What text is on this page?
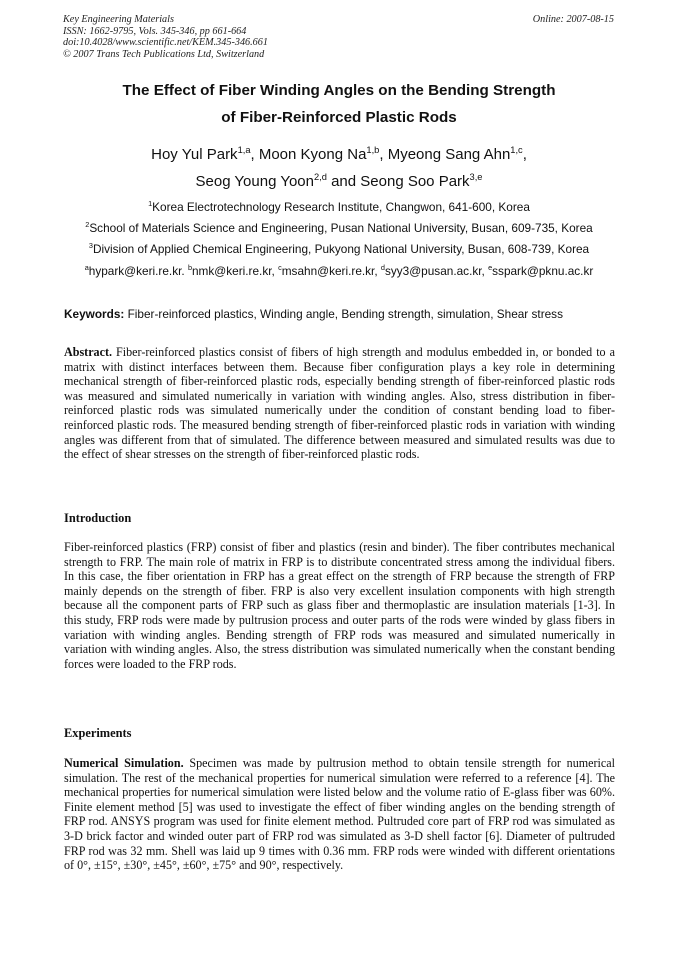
Key Engineering Materials
ISSN: 1662-9795, Vols. 345-346, pp 661-664
doi:10.4028/www.scientific.net/KEM.345-346.661
© 2007 Trans Tech Publications Ltd, Switzerland
Online: 2007-08-15
The Effect of Fiber Winding Angles on the Bending Strength
of Fiber-Reinforced Plastic Rods
Hoy Yul Park$^{1,a}$, Moon Kyong Na$^{1,b}$, Myeong Sang Ahn$^{1,c}$,
Seog Young Yoon$^{2,d}$ and Seong Soo Park$^{3,e}$
$^1$Korea Electrotechnology Research Institute, Changwon, 641-600, Korea
$^2$School of Materials Science and Engineering, Pusan National University, Busan, 609-735, Korea
$^3$Division of Applied Chemical Engineering, Pukyong National University, Busan, 608-739, Korea
$^a$hypark@keri.re.kr. $^b$nmk@keri.re.kr, $^c$msahn@keri.re.kr, $^d$syy3@pusan.ac.kr, $^e$sspark@pknu.ac.kr
Keywords: Fiber-reinforced plastics, Winding angle, Bending strength, simulation, Shear stress

Abstract. Fiber-reinforced plastics consist of fibers of high strength and modulus embedded in, or bonded to a matrix with distinct interfaces between them. Because fiber configuration plays a key role in determining mechanical strength of fiber-reinforced plastic rods, especially bending strength of fiber-reinforced plastic rods was measured and simulated numerically in variation with winding angles. Also, stress distribution in fiber-reinforced plastic rods was simulated numerically under the condition of constant bending load to fiber-reinforced plastic rods. The measured bending strength of fiber-reinforced plastic rods in variation with winding angles was different from that of simulated. The difference between measured and simulated results was due to the effect of shear stresses on the strength of fiber-reinforced plastic rods.

Introduction

Fiber-reinforced plastics (FRP) consist of fiber and plastics (resin and binder). The fiber contributes mechanical strength to FRP. The main role of matrix in FRP is to distribute concentrated stress among the individual fibers. In this case, the fiber orientation in FRP has a great effect on the strength of FRP because the strength of FRP mainly depends on the strength of fiber. FRP is also very excellent insulation components with high strength because all the component parts of FRP such as glass fiber and thermoplastic are insulation materials [1-3]. In this study, FRP rods were made by pultrusion process and outer parts of the rods were winded by glass fibers in variation with winding angles. Bending strength of FRP rods was measured and simulated numerically in variation with winding angles. Also, the stress distribution was simulated numerically when the constant bending forces were loaded to the FRP rods.

Experiments

Numerical Simulation. Specimen was made by pultrusion method to obtain tensile strength for numerical simulation. The rest of the mechanical properties for numerical simulation were referred to a reference [4]. The mechanical properties for numerical simulation were listed below and the volume ratio of E-glass fiber was 60%. Finite element method [5] was used to investigate the effect of fiber winding angles on the bending strength of FRP rod. ANSYS program was used for finite element method. Pultruded core part of FRP rod was simulated as 3-D brick factor and winded outer part of FRP rod was simulated as 3-D shell factor [6]. Diameter of pultruded FRP rod was 32 mm. Shell was laid up 9 times with 0.36 mm. FRP rods were winded with different orientations of 0°, ±15°, ±30°, ±45°, ±60°, ±75° and 90°, respectively.
